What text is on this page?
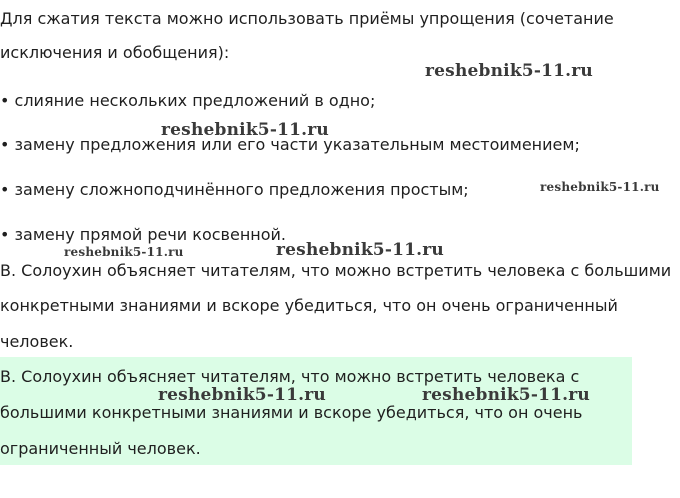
Для сжатия текста можно использовать приёмы упрощения (сочетание

исключения и обобщения):

• слияние нескольких предложений в одно;

• замену предложения или его части указательным местоимением;

• замену сложноподчинённого предложения простым;

• замену прямой речи косвенной.

В. Солоухин объясняет читателям, что можно встретить человека с большими

конкретными знаниями и вскоре убедиться, что он очень ограниченный

человек.

В. Солоухин объясняет читателям, что можно встретить человека с

большими конкретными знаниями и вскоре убедиться, что он очень

ограниченный человек.

reshebnik5-11.ru
reshebnik5-11.ru
reshebnik5-11.ru
reshebnik5-11.ru	reshebnik5-11.ru
reshebnik5-11.ru	reshebnik5-11.ru
